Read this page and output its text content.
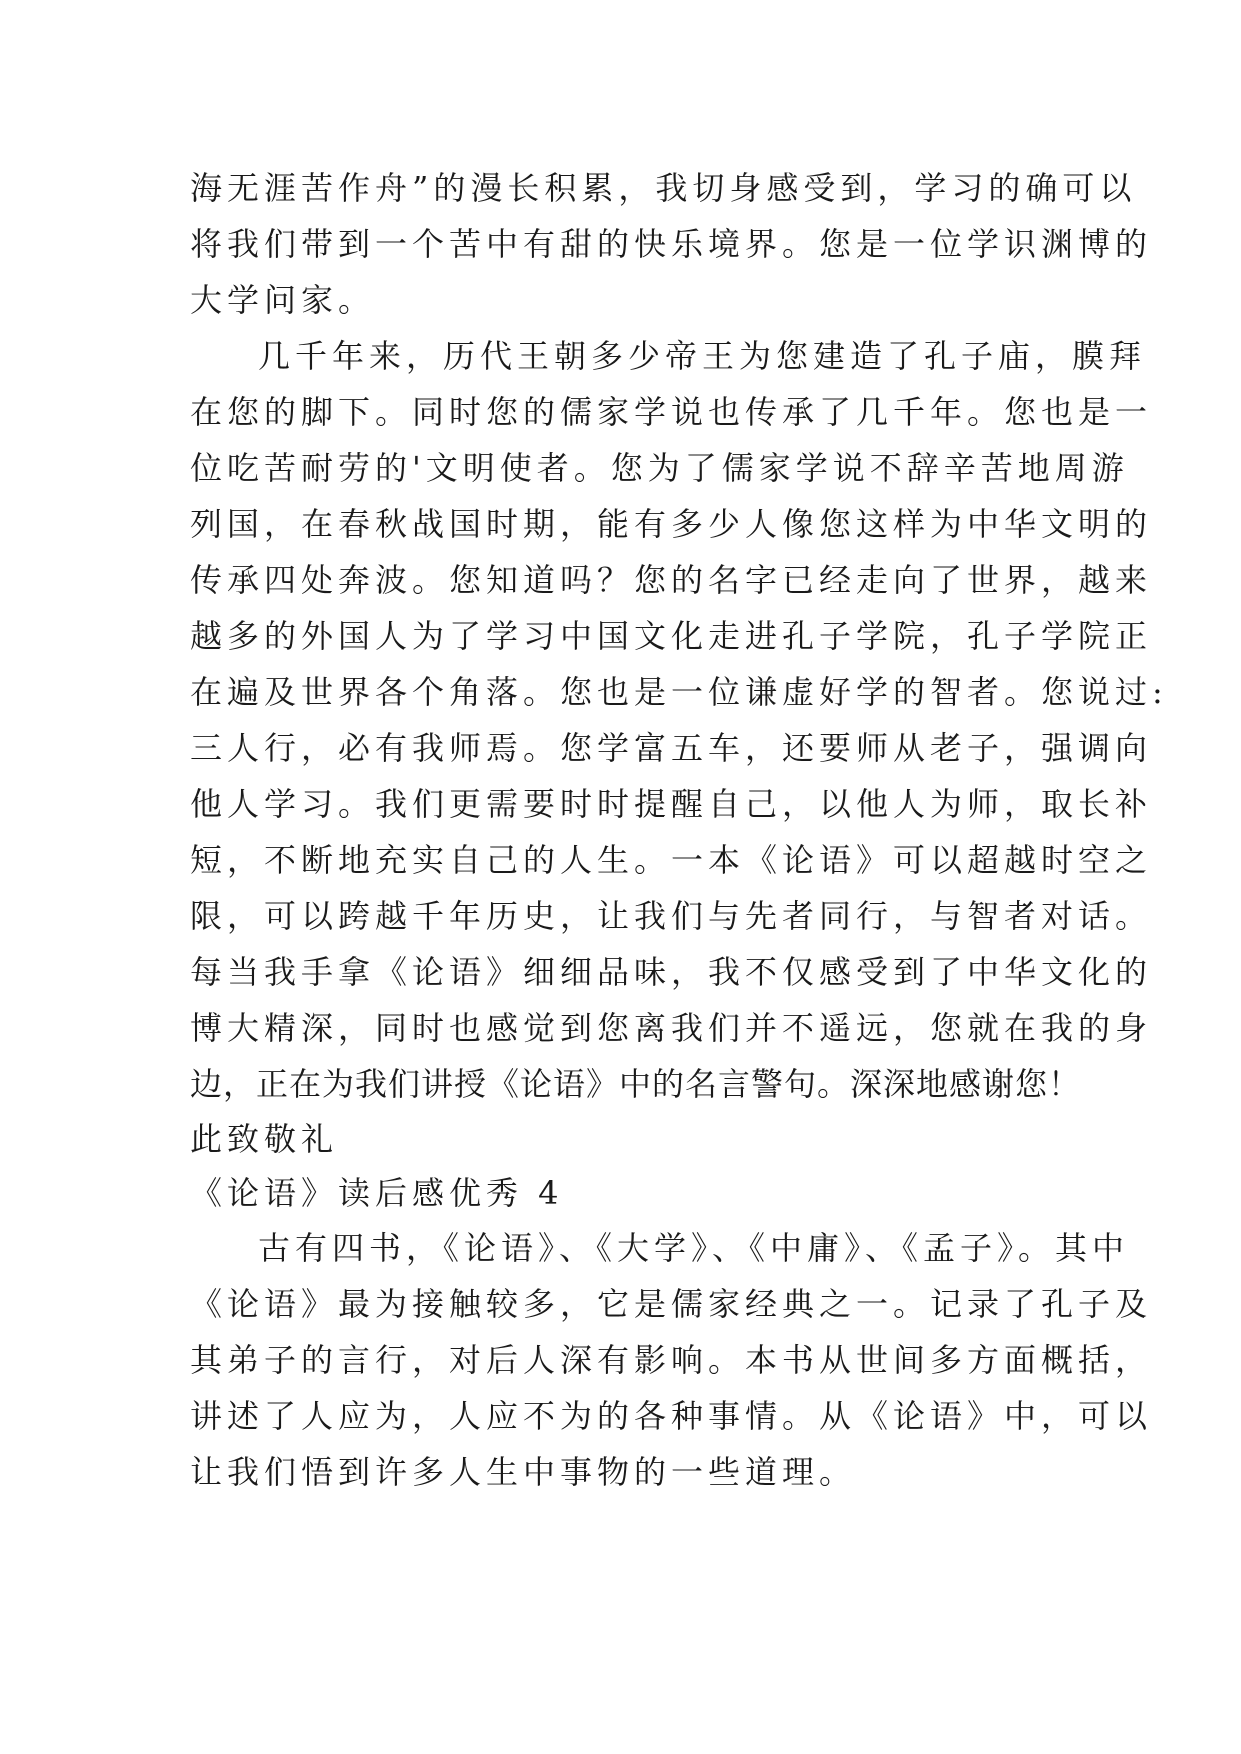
海无涯苦作舟”的漫长积累，我切身感受到，学习的确可以
将我们带到一个苦中有甜的快乐境界。您是一位学识渊博的
大学问家。
几千年来，历代王朝多少帝王为您建造了孔子庙，膜拜
在您的脚下。同时您的儒家学说也传承了几千年。您也是一
位吃苦耐劳的'文明使者。您为了儒家学说不辞辛苦地周游
列国，在春秋战国时期，能有多少人像您这样为中华文明的
传承四处奔波。您知道吗？您的名字已经走向了世界，越来
越多的外国人为了学习中国文化走进孔子学院，孔子学院正
在遍及世界各个角落。您也是一位谦虚好学的智者。您说过:
三人行，必有我师焉。您学富五车，还要师从老子，强调向
他人学习。我们更需要时时提醒自己，以他人为师，取长补
短，不断地充实自己的人生。一本《论语》可以超越时空之
限，可以跨越千年历史，让我们与先者同行，与智者对话。
每当我手拿《论语》细细品味，我不仅感受到了中华文化的
博大精深，同时也感觉到您离我们并不遥远，您就在我的身
边，正在为我们讲授《论语》中的名言警句。深深地感谢您！
此致敬礼
《论语》读后感优秀 4
古有四书，《论语》、《大学》、《中庸》、《孟子》。其中
《论语》最为接触较多，它是儒家经典之一。记录了孔子及
其弟子的言行，对后人深有影响。本书从世间多方面概括，
讲述了人应为，人应不为的各种事情。从《论语》中，可以
让我们悟到许多人生中事物的一些道理。
